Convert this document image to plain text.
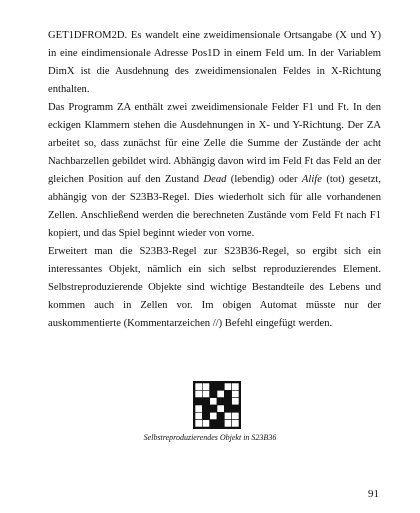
GET1DFROM2D. Es wandelt eine zweidimensionale Ortsangabe (X und Y) in eine eindimensionale Adresse Pos1D in einem Feld um. In der Variablem DimX ist die Ausdehnung des zweidimensionalen Feldes in X-Richtung enthalten.

Das Programm ZA enthält zwei zweidimensionale Felder F1 und Ft. In den eckigen Klammern stehen die Ausdehnungen in X- und Y-Richtung. Der ZA arbeitet so, dass zunächst für eine Zelle die Summe der Zustände der acht Nachbarzellen gebildet wird. Abhängig davon wird im Feld Ft das Feld an der gleichen Position auf den Zustand Dead (lebendig) oder Alife (tot) gesetzt, abhängig von der S23B3-Regel. Dies wiederholt sich für alle vorhandenen Zellen. Anschließend werden die berechneten Zustände vom Feld Ft nach F1 kopiert, und das Spiel beginnt wieder von vorne.

Erweitert man die S23B3-Regel zur S23B36-Regel, so ergibt sich ein interessantes Objekt, nämlich ein sich selbst reproduzierendes Element. Selbstreproduzierende Objekte sind wichtige Bestandteile des Lebens und kommen auch in Zellen vor. Im obigen Automat müsste nur der auskommentierte (Kommentarzeichen //) Befehl eingefügt werden.

Selbstreproduzierendes Objekt in S23B36
91
